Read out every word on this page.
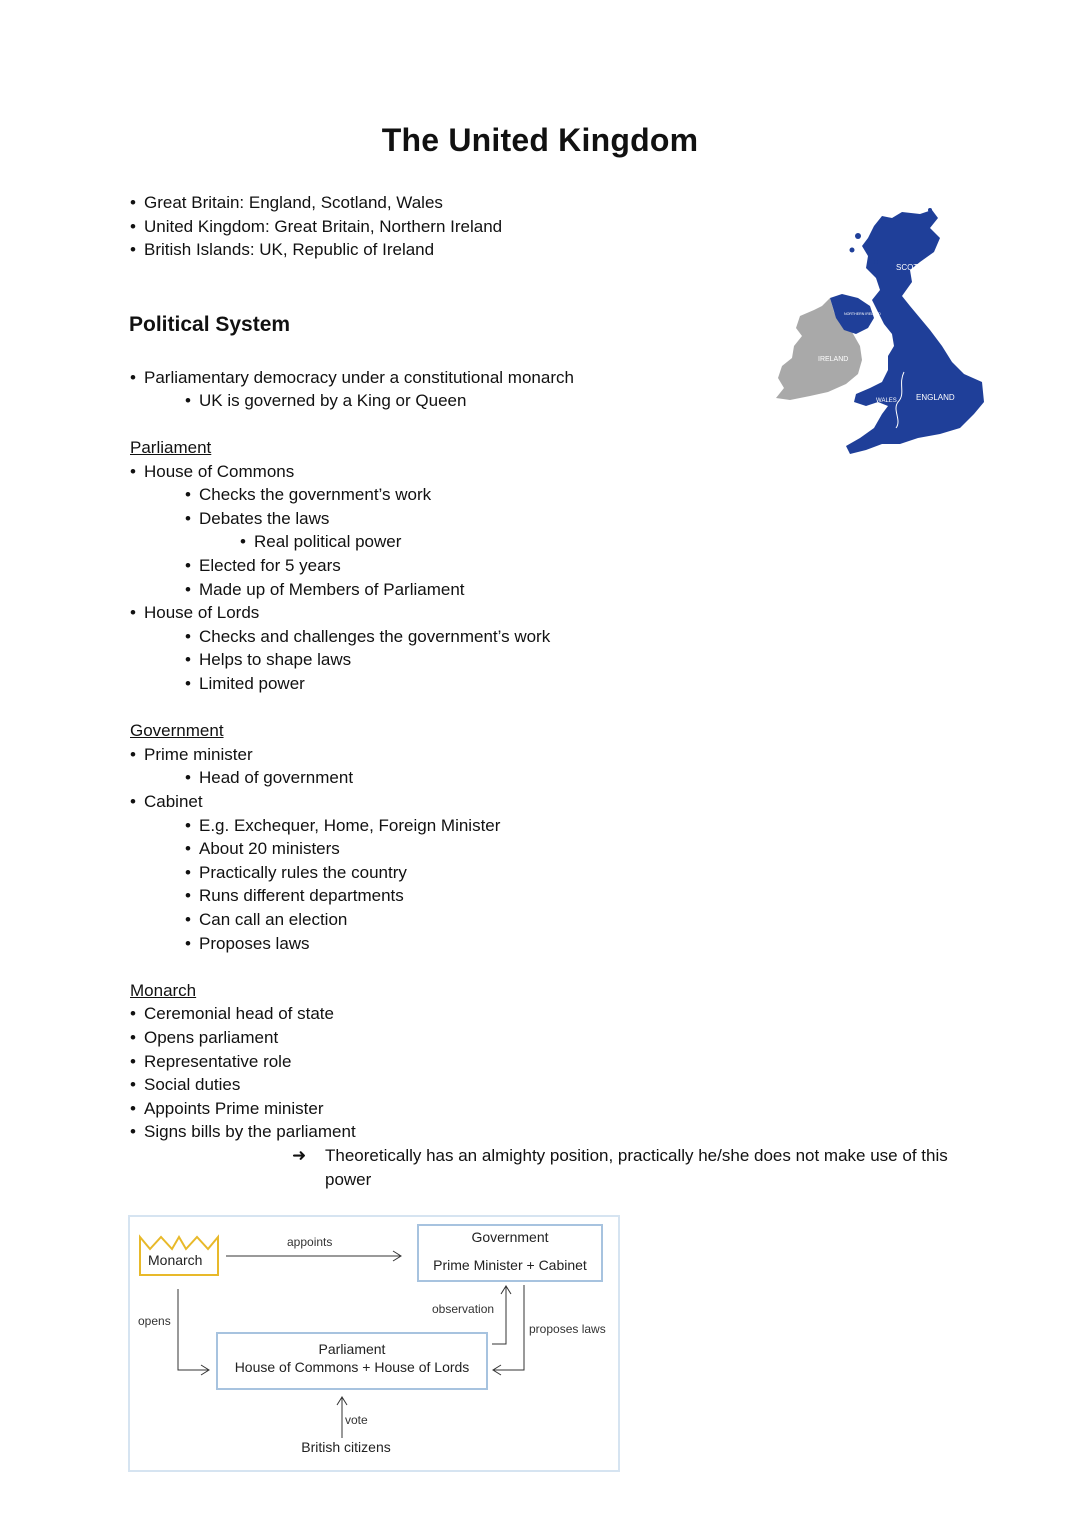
The United Kingdom
• Great Britain: England, Scotland, Wales
• United Kingdom: Great Britain, Northern Ireland
• British Islands: UK, Republic of Ireland
SCOTLAND
NORTHERN IRELAND
IRELAND
WALES ENGLAND
Political System
• Parliamentary democracy under a constitutional monarch
• UK is governed by a King or Queen
Parliament
• House of Commons
• Checks the government’s work
• Debates the laws
• Real political power
• Elected for 5 years
• Made up of Members of Parliament
• House of Lords
• Checks and challenges the government’s work
• Helps to shape laws
• Limited power
Government
• Prime minister
• Head of government
• Cabinet
• E.g. Exchequer, Home, Foreign Minister
• About 20 ministers
• Practically rules the country
• Runs different departments
• Can call an election
• Proposes laws
Monarch
• Ceremonial head of state
• Opens parliament
• Representative role
• Social duties
• Appoints Prime minister
• Signs bills by the parliament
➜ Theoretically has an almighty position, practically he/she does not make use of this power
Monarch
appoints	Government
Prime Minister + Cabinet
opens
observation
proposes laws
Parliament
House of Commons + House of Lords
vote
British citizens
